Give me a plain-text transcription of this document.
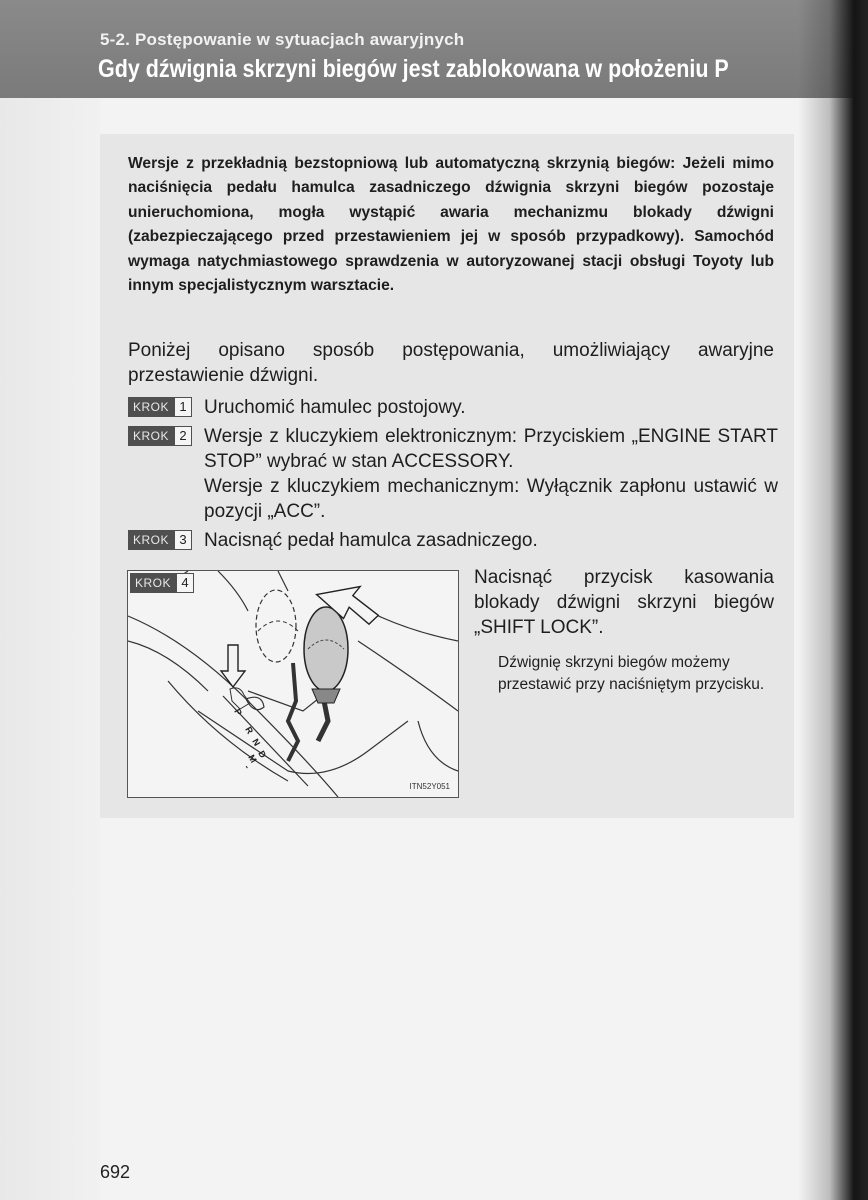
5-2. Postępowanie w sytuacjach awaryjnych
Gdy dźwignia skrzyni biegów jest zablokowana w położeniu P
Wersje z przekładnią bezstopniową lub automatyczną skrzynią biegów: Jeżeli mimo naciśnięcia pedału hamulca zasadniczego dźwignia skrzyni biegów pozostaje unieruchomiona, mogła wystąpić awaria mechanizmu blokady dźwigni (zabezpieczającego przed przestawieniem jej w sposób przypadkowy). Samochód wymaga natychmiastowego sprawdzenia w autoryzowanej stacji obsługi Toyoty lub innym specjalistycznym warsztacie.
Poniżej opisano sposób postępowania, umożliwiający awaryjne przestawienie dźwigni.
KROK 1 Uruchomić hamulec postojowy.
KROK 2 Wersje z kluczykiem elektronicznym: Przyciskiem „ENGINE START STOP” wybrać w stan ACCESSORY.
Wersje z kluczykiem mechanicznym: Wyłącznik zapłonu ustawić w pozycji „ACC”.
KROK 3 Nacisnąć pedał hamulca zasadniczego.
P
R
N
D
M
-
KROK 4
ITN52Y051
Nacisnąć przycisk kasowania blokady dźwigni skrzyni biegów „SHIFT LOCK”.
Dźwignię skrzyni biegów możemy przestawić przy naciśniętym przycisku.
692
